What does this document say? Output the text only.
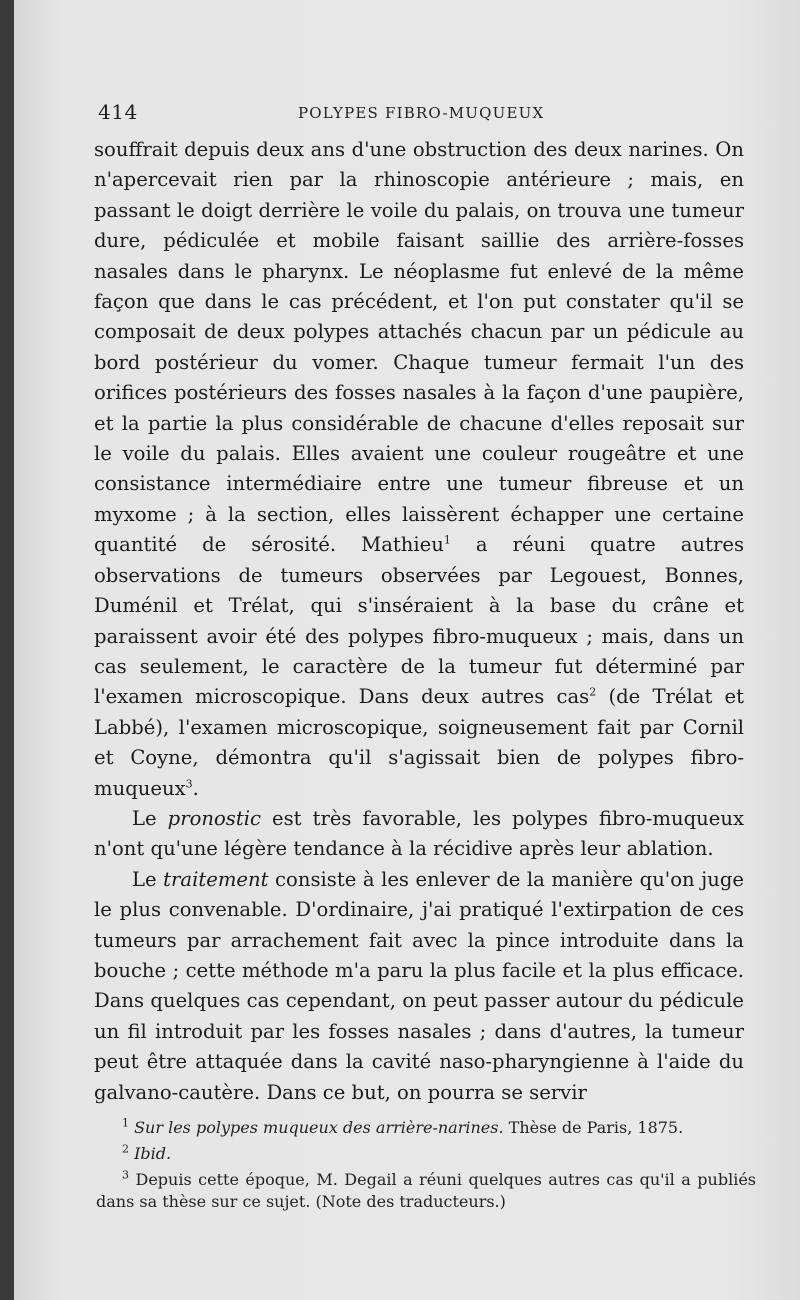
414	POLYPES FIBRO-MUQUEUX

souffrait depuis deux ans d'une obstruction des deux narines. On n'apercevait rien par la rhinoscopie antérieure ; mais, en passant le doigt derrière le voile du palais, on trouva une tumeur dure, pédiculée et mobile faisant saillie des arrière-fosses nasales dans le pharynx. Le néoplasme fut enlevé de la même façon que dans le cas précédent, et l'on put constater qu'il se composait de deux polypes attachés chacun par un pédicule au bord postérieur du vomer. Chaque tumeur fermait l'un des orifices postérieurs des fosses nasales à la façon d'une paupière, et la partie la plus considérable de chacune d'elles reposait sur le voile du palais. Elles avaient une couleur rougeâtre et une consistance intermédiaire entre une tumeur fibreuse et un myxome ; à la section, elles laissèrent échapper une certaine quantité de sérosité. Mathieu$^1$ a réuni quatre autres observations de tumeurs observées par Legouest, Bonnes, Duménil et Trélat, qui s'inséraient à la base du crâne et paraissent avoir été des polypes fibro-muqueux ; mais, dans un cas seulement, le caractère de la tumeur fut déterminé par l'examen microscopique. Dans deux autres cas$^2$ (de Trélat et Labbé), l'examen microscopique, soigneusement fait par Cornil et Coyne, démontra qu'il s'agissait bien de polypes fibro-muqueux$^3$.

Le pronostic est très favorable, les polypes fibro-muqueux n'ont qu'une légère tendance à la récidive après leur ablation.

Le traitement consiste à les enlever de la manière qu'on juge le plus convenable. D'ordinaire, j'ai pratiqué l'extirpation de ces tumeurs par arrachement fait avec la pince introduite dans la bouche ; cette méthode m'a paru la plus facile et la plus efficace. Dans quelques cas cependant, on peut passer autour du pédicule un fil introduit par les fosses nasales ; dans d'autres, la tumeur peut être attaquée dans la cavité naso-pharyngienne à l'aide du galvano-cautère. Dans ce but, on pourra se servir

$^1$ Sur les polypes muqueux des arrière-narines. Thèse de Paris, 1875.

$^2$ Ibid.

$^3$ Depuis cette époque, M. Degail a réuni quelques autres cas qu'il a publiés dans sa thèse sur ce sujet. (Note des traducteurs.)
